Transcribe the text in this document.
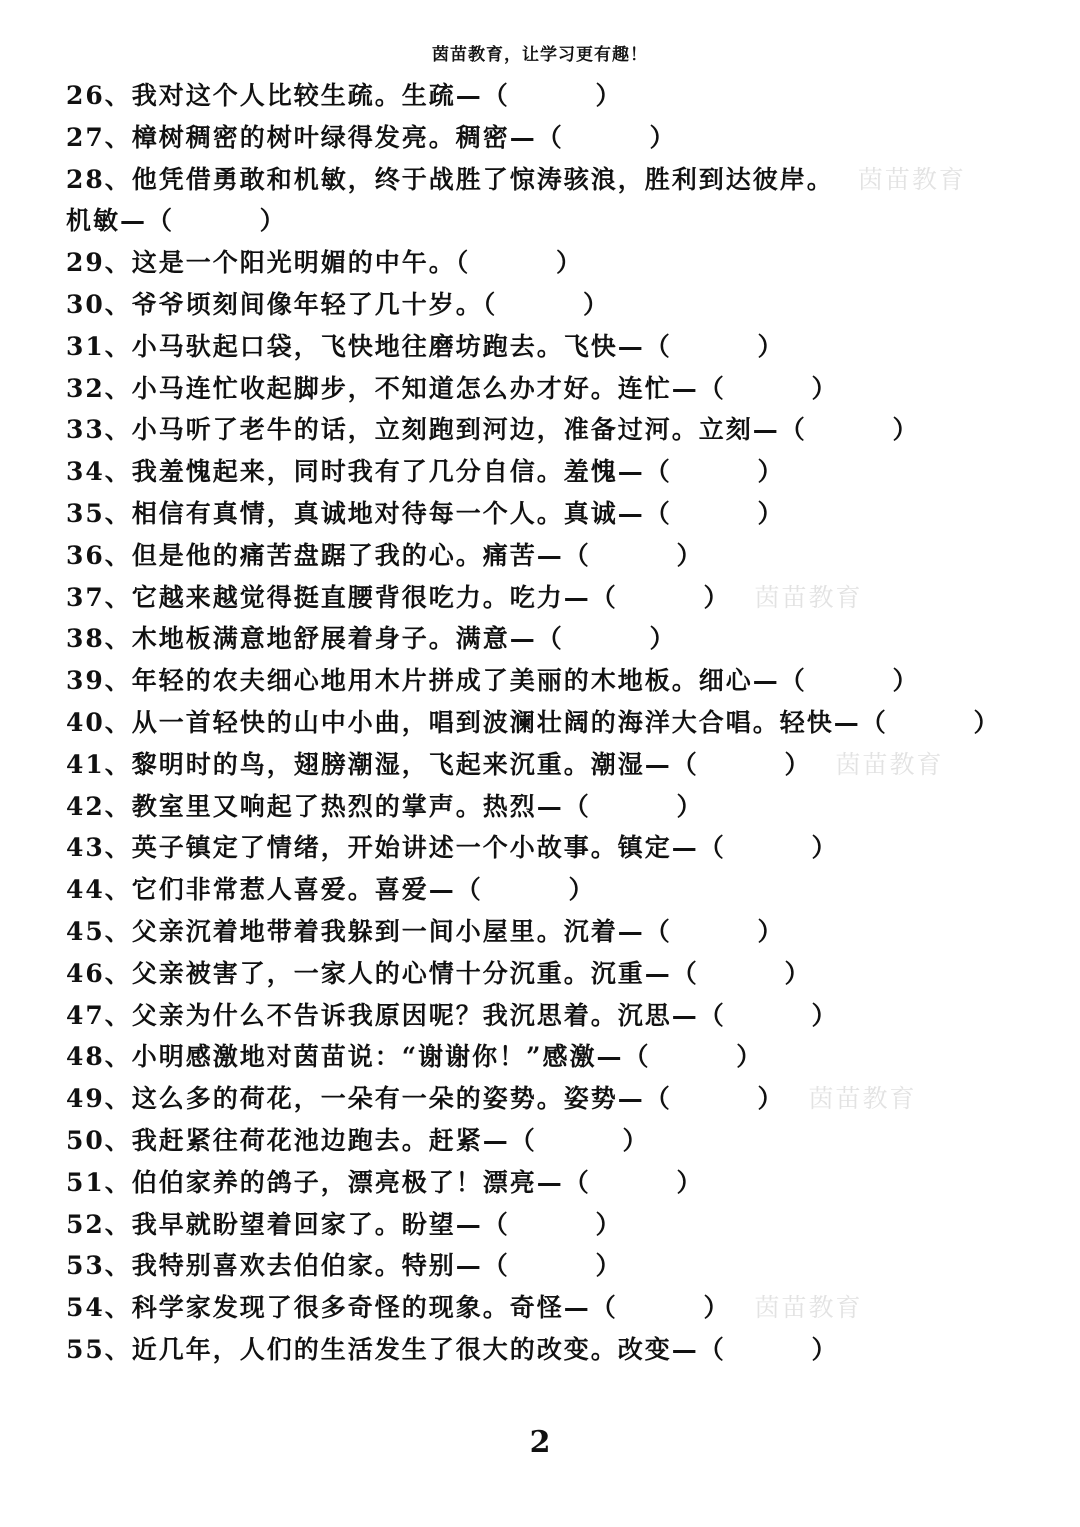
茵苗教育，让学习更有趣！
26、我对这个人比较生疏。生疏—（	）
27、樟树稠密的树叶绿得发亮。稠密—（	）
28、他凭借勇敢和机敏，终于战胜了惊涛骇浪，胜利到达彼岸。 茵苗教育
机敏—（	）
29、这是一个阳光明媚的中午。（	）
30、爷爷顷刻间像年轻了几十岁。（	）
31、小马驮起口袋，飞快地往磨坊跑去。飞快—（	）
32、小马连忙收起脚步，不知道怎么办才好。连忙—（	）
33、小马听了老牛的话，立刻跑到河边，准备过河。立刻—（	）
34、我羞愧起来，同时我有了几分自信。羞愧—（	）
35、相信有真情，真诚地对待每一个人。真诚—（	）
36、但是他的痛苦盘踞了我的心。痛苦—（	）
37、它越来越觉得挺直腰背很吃力。吃力—（	） 茵苗教育
38、木地板满意地舒展着身子。满意—（	）
39、年轻的农夫细心地用木片拼成了美丽的木地板。细心—（	）
40、从一首轻快的山中小曲，唱到波澜壮阔的海洋大合唱。轻快—（	）
41、黎明时的鸟，翅膀潮湿，飞起来沉重。潮湿—（	） 茵苗教育
42、教室里又响起了热烈的掌声。热烈—（	）
43、英子镇定了情绪，开始讲述一个小故事。镇定—（	）
44、它们非常惹人喜爱。喜爱—（	）
45、父亲沉着地带着我躲到一间小屋里。沉着—（	）
46、父亲被害了，一家人的心情十分沉重。沉重—（	）
47、父亲为什么不告诉我原因呢？我沉思着。沉思—（	）
48、小明感激地对茵苗说：“谢谢你！”感激—（	）
49、这么多的荷花，一朵有一朵的姿势。姿势—（	） 茵苗教育
50、我赶紧往荷花池边跑去。赶紧—（	）
51、伯伯家养的鸽子，漂亮极了！漂亮—（	）
52、我早就盼望着回家了。盼望—（	）
53、我特别喜欢去伯伯家。特别—（	）
54、科学家发现了很多奇怪的现象。奇怪—（	） 茵苗教育
55、近几年，人们的生活发生了很大的改变。改变—（	）
2
